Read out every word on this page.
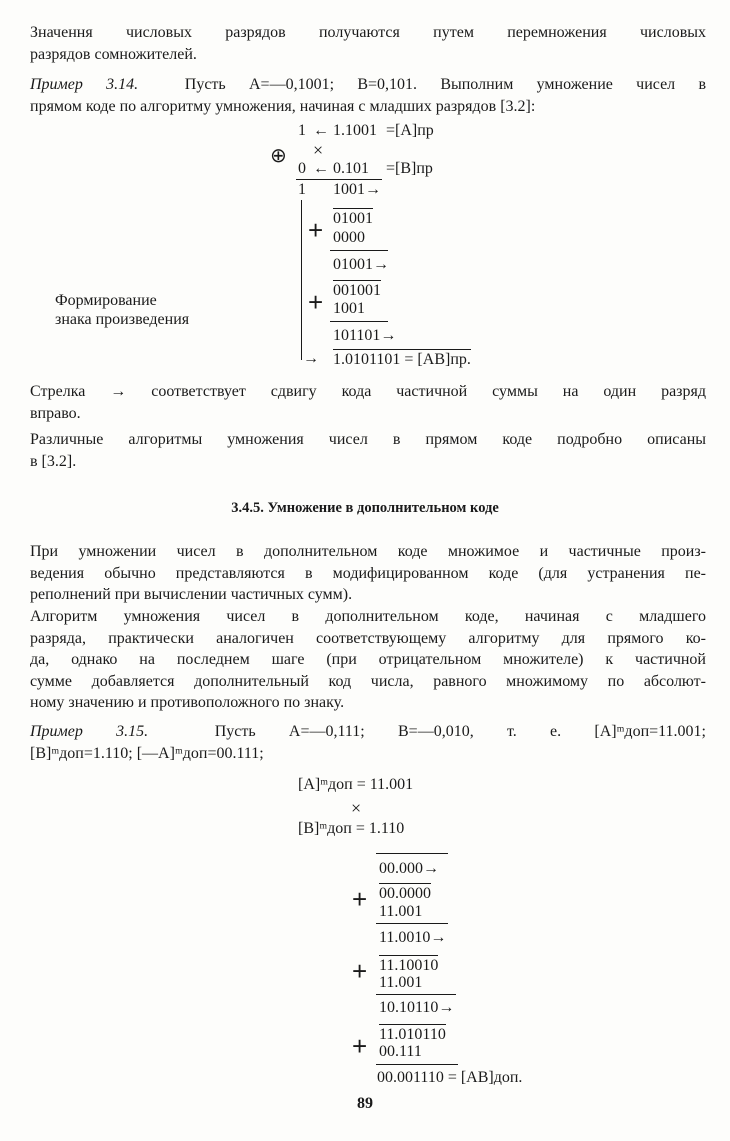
Значення числовых разрядов получаются путем перемножения числовых
разрядов сомножителей.
Пример 3.14.	Пусть A=—0,1001; B=0,101. Выполним умножение чисел в
прямом коде по алгоритму умножения, начиная с младших разрядов [3.2]:
1 ← 1.1001 =[A]пр
⊕ ×
0 ← 0.101 =[B]пр
1 1001→
+ 01001
0000
01001→
+ 001001
1001
101101→
→ 1.0101101 = [AB]пр.
Формирование
знака произведения
Стрелка → соответствует сдвигу кода частичной суммы на один разряд
вправо.
Различные алгоритмы умножения чисел в прямом коде подробно описаны
в [3.2].
3.4.5. Умножение в дополнительном коде
При умножении чисел в дополнительном коде множимое и частичные произ-
ведения обычно представляются в модифицированном коде (для устранения пе-
реполнений при вычислении частичных сумм).
Алгоритм умножения чисел в дополнительном коде, начиная с младшего
разряда, практически аналогичен соответствующему алгоритму для прямого ко-
да, однако на последнем шаге (при отрицательном множителе) к частичной
сумме добавляется дополнительный код числа, равного множимому по абсолют-
ному значению и противоположного по знаку.
Пример 3.15.	Пусть A=—0,111; B=—0,010, т. е. [A]ᵐдоп=11.001;
[B]ᵐдоп=1.110; [—A]ᵐдоп=00.111;
[A]ᵐдоп = 11.001
×
[B]ᵐдоп = 1.110
00.000→
+ 00.0000
11.001
11.0010→
+ 11.10010
11.001
10.10110→
+ 11.010110
00.111
00.001110 = [AB]доп.
89
